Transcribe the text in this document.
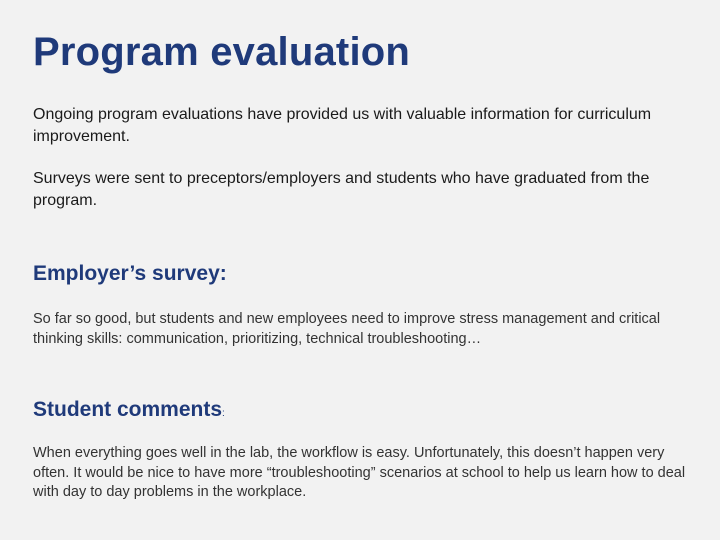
Program evaluation
Ongoing program evaluations have provided us with valuable information for curriculum improvement.
Surveys were sent to preceptors/employers and students who have graduated from the program.
Employer’s survey:
So far so good, but students and new employees need to improve stress management and critical thinking skills: communication, prioritizing, technical troubleshooting…
Student comments:
When everything goes well in the lab, the workflow is easy. Unfortunately, this doesn’t happen very often. It would be nice to have more “troubleshooting” scenarios at school to help us learn how to deal with day to day problems in the workplace.
